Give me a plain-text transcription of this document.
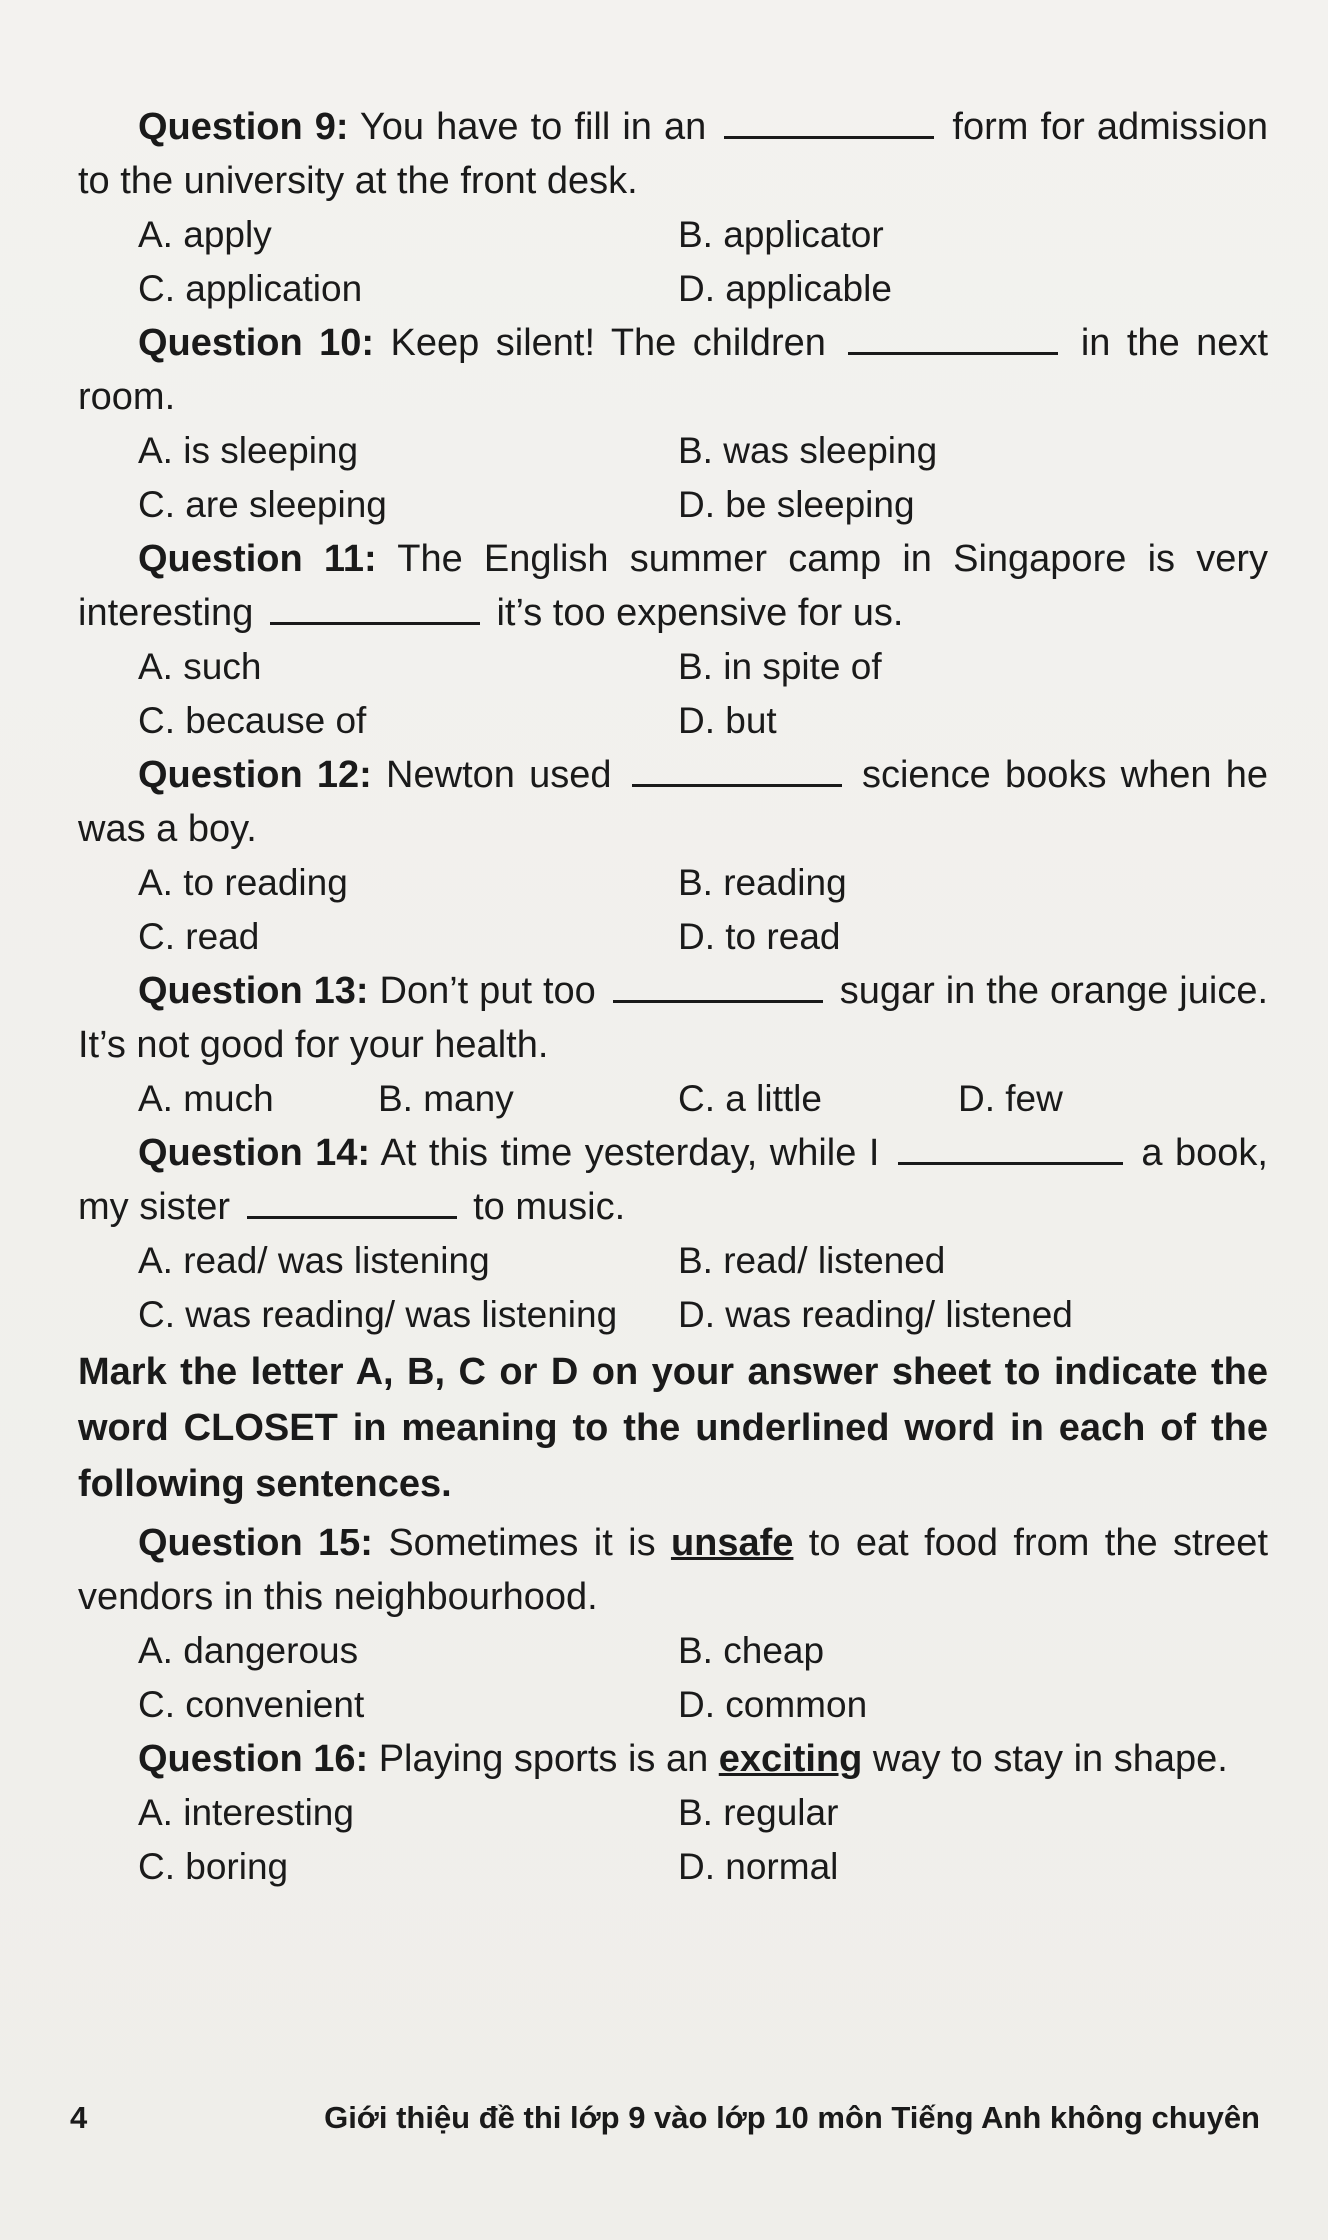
Question 9: You have to fill in an	form for admission to the university at the front desk.

A. apply	B. applicator
C. application	D. applicable

Question 10: Keep silent! The children	in the next room.

A. is sleeping	B. was sleeping
C. are sleeping	D. be sleeping

Question 11: The English summer camp in Singapore is very interesting	it’s too expensive for us.

A. such	B. in spite of
C. because of	D. but

Question 12: Newton used	science books when he was a boy.

A. to reading	B. reading
C. read	D. to read

Question 13: Don’t put too	sugar in the orange juice. It’s not good for your health.

A. much	B. many	C. a little	D. few

Question 14: At this time yesterday, while I	a book, my sister	to music.

A. read/ was listening	B. read/ listened
C. was reading/ was listening	D. was reading/ listened

Mark the letter A, B, C or D on your answer sheet to indicate the word CLOSET in meaning to the underlined word in each of the following sentences.

Question 15: Sometimes it is unsafe to eat food from the street vendors in this neighbourhood.

A. dangerous	B. cheap
C. convenient	D. common

Question 16: Playing sports is an exciting way to stay in shape.

A. interesting	B. regular
C. boring	D. normal
4	Giới thiệu đề thi lớp 9 vào lớp 10 môn Tiếng Anh không chuyên
